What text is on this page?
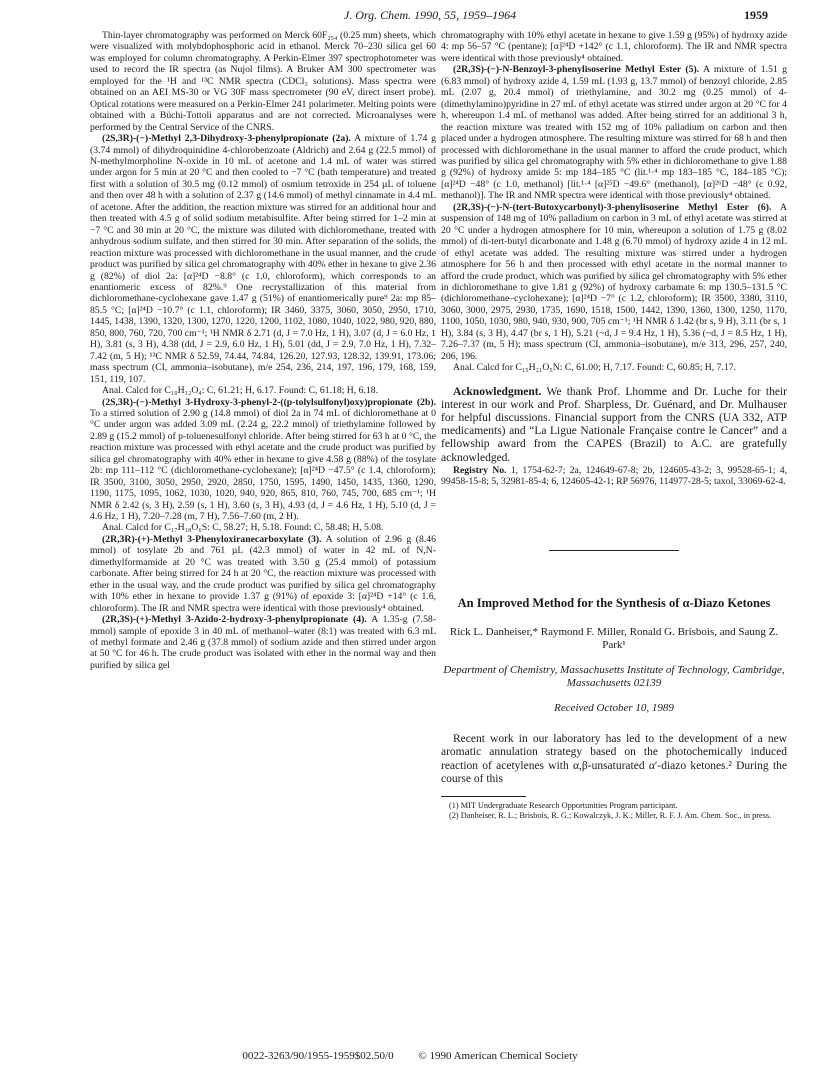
J. Org. Chem. 1990, 55, 1959–1964	1959

Thin-layer chromatography was performed on Merck 60F₂₅₄ (0.25 mm) sheets, which were visualized with molybdophosphoric acid in ethanol. Merck 70–230 silica gel 60 was employed for column chromatography. A Perkin-Elmer 397 spectrophotometer was used to record the IR spectra (as Nujol films). A Bruker AM 300 spectrometer was employed for the ¹H and ¹³C NMR spectra (CDCl₃ solutions). Mass spectra were obtained on an AEI MS-30 or VG 30F mass spectrometer (90 eV, direct insert probe). Optical rotations were measured on a Perkin-Elmer 241 polarimeter. Melting points were obtained with a Büchi-Tottoli apparatus and are not corrected. Microanalyses were performed by the Central Service of the CNRS.

(2S,3R)-(−)-Methyl 2,3-Dihydroxy-3-phenylpropionate (2a). A mixture of 1.74 g (3.74 mmol) of dihydroquinidine 4-chlorobenzoate (Aldrich) and 2.64 g (22.5 mmol) of N-methylmorpholine N-oxide in 10 mL of acetone and 1.4 mL of water was stirred under argon for 5 min at 20 °C and then cooled to −7 °C (bath temperature) and treated first with a solution of 30.5 mg (0.12 mmol) of osmium tetroxide in 254 µL of toluene and then over 48 h with a solution of 2.37 g (14.6 mmol) of methyl cinnamate in 4.4 mL of acetone. After the addition, the reaction mixture was stirred for an additional hour and then treated with 4.5 g of solid sodium metabisulfite. After being stirred for 1–2 min at −7 °C and 30 min at 20 °C, the mixture was diluted with dichloromethane, treated with anhydrous sodium sulfate, and then stirred for 30 min. After separation of the solids, the reaction mixture was processed with dichloromethane in the usual manner, and the crude product was purified by silica gel chromatography with 40% ether in hexane to give 2.36 g (82%) of diol 2a: [α]²⁴D −8.8° (c 1.0, chloroform), which corresponds to an enantiomeric excess of 82%.⁹ One recrystallization of this material from dichloromethane-cyclohexane gave 1.47 g (51%) of enantiomerically pure⁹ 2a: mp 85–85.5 °C; [α]²⁴D −10.7° (c 1.1, chloroform); IR 3460, 3375, 3060, 3050, 2950, 1710, 1445, 1438, 1390, 1320, 1300, 1270, 1220, 1200, 1102, 1080, 1040, 1022, 980, 920, 880, 850, 800, 760, 720, 700 cm⁻¹; ¹H NMR δ 2.71 (d, J = 7.0 Hz, 1 H), 3.07 (d, J = 6.0 Hz, 1 H), 3.81 (s, 3 H), 4.38 (dd, J = 2.9, 6.0 Hz, 1 H), 5.01 (dd, J = 2.9, 7.0 Hz, 1 H), 7.32–7.42 (m, 5 H); ¹³C NMR δ 52.59, 74.44, 74.84, 126.20, 127.93, 128.32, 139.91, 173.06; mass spectrum (CI, ammonia–isobutane), m/e 254, 236, 214, 197, 196, 179, 168, 159, 151, 119, 107.

Anal. Calcd for C₁₀H₁₂O₄: C, 61.21; H, 6.17. Found: C, 61.18; H, 6.18.

(2S,3R)-(−)-Methyl 3-Hydroxy-3-phenyl-2-((p-tolylsulfonyl)oxy)propionate (2b). To a stirred solution of 2.90 g (14.8 mmol) of diol 2a in 74 mL of dichloromethane at 0 °C under argon was added 3.09 mL (2.24 g, 22.2 mmol) of triethylamine followed by 2.89 g (15.2 mmol) of p-toluenesulfonyl chloride. After being stirred for 63 h at 0 °C, the reaction mixture was processed with ethyl acetate and the crude product was purified by silica gel chromatography with 40% ether in hexane to give 4.58 g (88%) of the tosylate 2b: mp 111–112 °C (dichloromethane-cyclohexane); [α]²⁴D −47.5° (c 1.4, chloroform); IR 3500, 3100, 3050, 2950, 2920, 2850, 1750, 1595, 1490, 1450, 1435, 1360, 1290, 1190, 1175, 1095, 1062, 1030, 1020, 940, 920, 865, 810, 760, 745, 700, 685 cm⁻¹; ¹H NMR δ 2.42 (s, 3 H), 2.59 (s, 1 H), 3.60 (s, 3 H), 4.93 (d, J = 4.6 Hz, 1 H), 5.10 (d, J = 4.6 Hz, 1 H), 7.20–7.28 (m, 7 H), 7.56–7.60 (m, 2 H).

Anal. Calcd for C₁₇H₁₈O₆S: C, 58.27; H, 5.18. Found: C, 58.48; H, 5.08.

(2R,3R)-(+)-Methyl 3-Phenyloxiranecarboxylate (3). A solution of 2.96 g (8.46 mmol) of tosylate 2b and 761 µL (42.3 mmol) of water in 42 mL of N,N-dimethylformamide at 20 °C was treated with 3.50 g (25.4 mmol) of potassium carbonate. After being stirred for 24 h at 20 °C, the reaction mixture was processed with ether in the usual way, and the crude product was purified by silica gel chromatography with 10% ether in hexane to provide 1.37 g (91%) of epoxide 3: [α]²⁴D +14° (c 1.6, chloroform). The IR and NMR spectra were identical with those previously⁴ obtained.

(2R,3S)-(+)-Methyl 3-Azido-2-hydroxy-3-phenylpropionate (4). A 1.35-g (7.58-mmol) sample of epoxide 3 in 40 mL of methanol–water (8:1) was treated with 6.3 mL of methyl formate and 2.46 g (37.8 mmol) of sodium azide and then stirred under argon at 50 °C for 46 h. The crude product was isolated with ether in the normal way and then purified by silica gel

chromatography with 10% ethyl acetate in hexane to give 1.59 g (95%) of hydroxy azide 4: mp 56–57 °C (pentane); [α]²⁴D +142° (c 1.1, chloroform). The IR and NMR spectra were identical with those previously⁴ obtained.

(2R,3S)-(−)-N-Benzoyl-3-phenylisoserine Methyl Ester (5). A mixture of 1.51 g (6.83 mmol) of hydroxy azide 4, 1.59 mL (1.93 g, 13.7 mmol) of benzoyl chloride, 2.85 mL (2.07 g, 20.4 mmol) of triethylamine, and 30.2 mg (0.25 mmol) of 4-(dimethylamino)pyridine in 27 mL of ethyl acetate was stirred under argon at 20 °C for 4 h, whereupon 1.4 mL of methanol was added. After being stirred for an additional 3 h, the reaction mixture was treated with 152 mg of 10% palladium on carbon and then placed under a hydrogen atmosphere. The resulting mixture was stirred for 68 h and then processed with dichloromethane in the usual manner to afford the crude product, which was purified by silica gel chromatography with 5% ether in dichloromethane to give 1.88 g (92%) of hydroxy amide 5: mp 184–185 °C (lit.¹·⁴ mp 183–185 °C, 184–185 °C); [α]²⁴D −48° (c 1.0, methanol) [lit.¹·⁴ [α]²⁵D −49.6° (methanol), [α]²⁶D −48° (c 0.92, methanol)]. The IR and NMR spectra were identical with those previously⁴ obtained.

(2R,3S)-(−)-N-(tert-Butoxycarbonyl)-3-phenylisoserine Methyl Ester (6). A suspension of 148 mg of 10% palladium on carbon in 3 mL of ethyl acetate was stirred at 20 °C under a hydrogen atmosphere for 10 min, whereupon a solution of 1.75 g (8.02 mmol) of di-tert-butyl dicarbonate and 1.48 g (6.70 mmol) of hydroxy azide 4 in 12 mL of ethyl acetate was added. The resulting mixture was stirred under a hydrogen atmosphere for 56 h and then processed with ethyl acetate in the normal manner to afford the crude product, which was purified by silica gel chromatography with 5% ether in dichloromethane to give 1.81 g (92%) of hydroxy carbamate 6: mp 130.5–131.5 °C (dichloromethane–cyclohexane); [α]²⁴D −7° (c 1.2, chloroform); IR 3500, 3380, 3110, 3060, 3000, 2975, 2930, 1735, 1690, 1518, 1500, 1442, 1390, 1360, 1300, 1250, 1170, 1100, 1050, 1030, 980, 940, 930, 900, 705 cm⁻¹; ¹H NMR δ 1.42 (br s, 9 H), 3.11 (br s, 1 H), 3.84 (s, 3 H), 4.47 (br s, 1 H), 5.21 (~d, J = 9.4 Hz, 1 H), 5.36 (~d, J = 8.5 Hz, 1 H), 7.26–7.37 (m, 5 H); mass spectrum (CI, ammonia–isobutane), m/e 313, 296, 257, 240, 206, 196.

Anal. Calcd for C₁₅H₂₁O₅N: C, 61.00; H, 7.17. Found: C, 60.85; H, 7.17.

Acknowledgment. We thank Prof. Lhomme and Dr. Luche for their interest in our work and Prof. Sharpless, Dr. Guénard, and Dr. Mulhauser for helpful discussions. Financial support from the CNRS (UA 332, ATP medicaments) and “La Ligue Nationale Française contre le Cancer” and a fellowship award from the CAPES (Brazil) to A.C. are gratefully acknowledged.

Registry No. 1, 1754-62-7; 2a, 124649-67-8; 2b, 124605-43-2; 3, 99528-65-1; 4, 99458-15-8; 5, 32981-85-4; 6, 124605-42-1; RP 56976, 114977-28-5; taxol, 33069-62-4.

An Improved Method for the Synthesis of α-Diazo Ketones
Rick L. Danheiser,* Raymond F. Miller, Ronald G. Brisbois, and Saung Z. Park¹
Department of Chemistry, Massachusetts Institute of Technology, Cambridge, Massachusetts 02139
Received October 10, 1989

Recent work in our laboratory has led to the development of a new aromatic annulation strategy based on the photochemically induced reaction of acetylenes with α,β-unsaturated α′-diazo ketones.² During the course of this

(1) MIT Undergraduate Research Opportunities Program participant.

(2) Danheiser, R. L.; Brisbois, R. G.; Kowalczyk, J. K.; Miller, R. F. J. Am. Chem. Soc., in press.

0022-3263/90/1955-1959$02.50/0 © 1990 American Chemical Society
